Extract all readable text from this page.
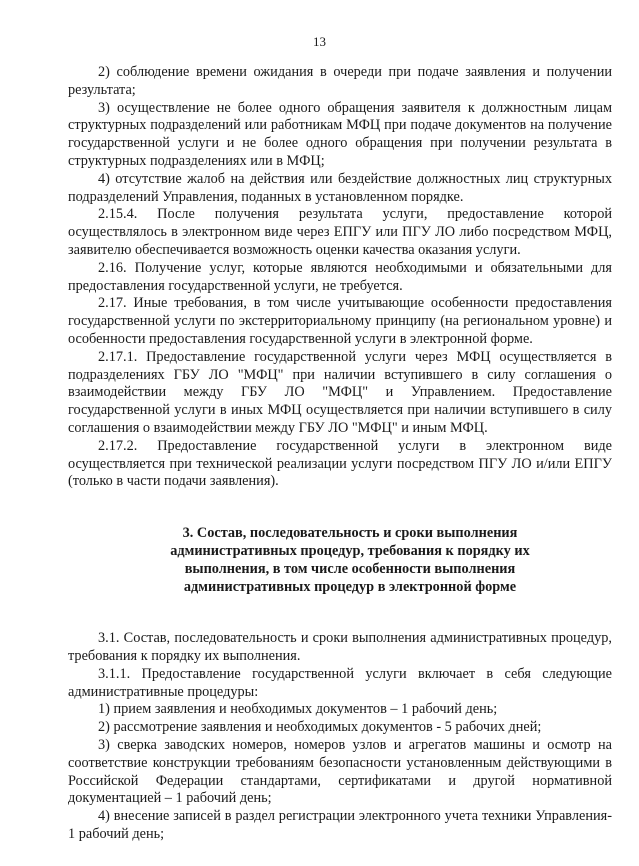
13

2) соблюдение времени ожидания в очереди при подаче заявления и получении результата;

3) осуществление не более одного обращения заявителя к должностным лицам структурных подразделений или работникам МФЦ при подаче документов на получение государственной услуги и не более одного обращения при получении результата в структурных подразделениях или в МФЦ;

4) отсутствие жалоб на действия или бездействие должностных лиц структурных подразделений Управления, поданных в установленном порядке.

2.15.4. После получения результата услуги, предоставление которой осуществлялось в электронном виде через ЕПГУ или ПГУ ЛО либо посредством МФЦ, заявителю обеспечивается возможность оценки качества оказания услуги.

2.16. Получение услуг, которые являются необходимыми и обязательными для предоставления государственной услуги, не требуется.

2.17. Иные требования, в том числе учитывающие особенности предоставления государственной услуги по экстерриториальному принципу (на региональном уровне) и особенности предоставления государственной услуги в электронной форме.

2.17.1. Предоставление государственной услуги через МФЦ осуществляется в подразделениях ГБУ ЛО "МФЦ" при наличии вступившего в силу соглашения о взаимодействии между ГБУ ЛО "МФЦ" и Управлением. Предоставление государственной услуги в иных МФЦ осуществляется при наличии вступившего в силу соглашения о взаимодействии между ГБУ ЛО "МФЦ" и иным МФЦ.

2.17.2. Предоставление государственной услуги в электронном виде осуществляется при технической реализации услуги посредством ПГУ ЛО и/или ЕПГУ (только в части подачи заявления).

3. Состав, последовательность и сроки выполнения
административных процедур, требования к порядку их
выполнения, в том числе особенности выполнения
административных процедур в электронной форме

3.1. Состав, последовательность и сроки выполнения административных процедур, требования к порядку их выполнения.

3.1.1. Предоставление государственной услуги включает в себя следующие административные процедуры:

1) прием заявления и необходимых документов – 1 рабочий день;

2) рассмотрение заявления и необходимых документов - 5 рабочих дней;

3) сверка заводских номеров, номеров узлов и агрегатов машины и осмотр на соответствие конструкции требованиям безопасности установленным действующими в Российской Федерации стандартами, сертификатами и другой нормативной документацией – 1 рабочий день;

4) внесение записей в раздел регистрации электронного учета техники Управления- 1 рабочий день;
